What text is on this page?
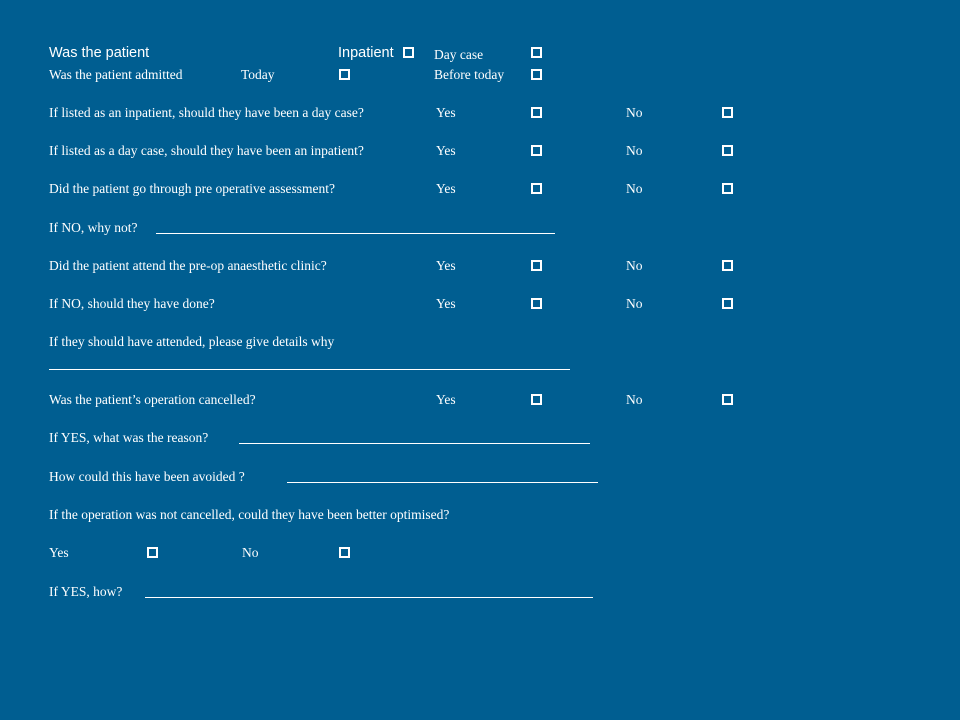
Was the patient	Inpatient	Day case
Was the patient admitted	Today	Before today
If listed as an inpatient, should they have been a day case?	Yes	No
If listed as a day case, should they have been an inpatient?	Yes	No
Did the patient go through pre operative assessment?	Yes	No
If NO, why not?
Did the patient attend the pre-op anaesthetic clinic?	Yes	No
If NO, should they have done?	Yes	No
If they should have attended, please give details why
Was the patient’s operation cancelled?	Yes	No
If YES, what was the reason?
How could this have been avoided ?
If the operation was not cancelled, could they have been better optimised?
Yes	No
If YES, how?
